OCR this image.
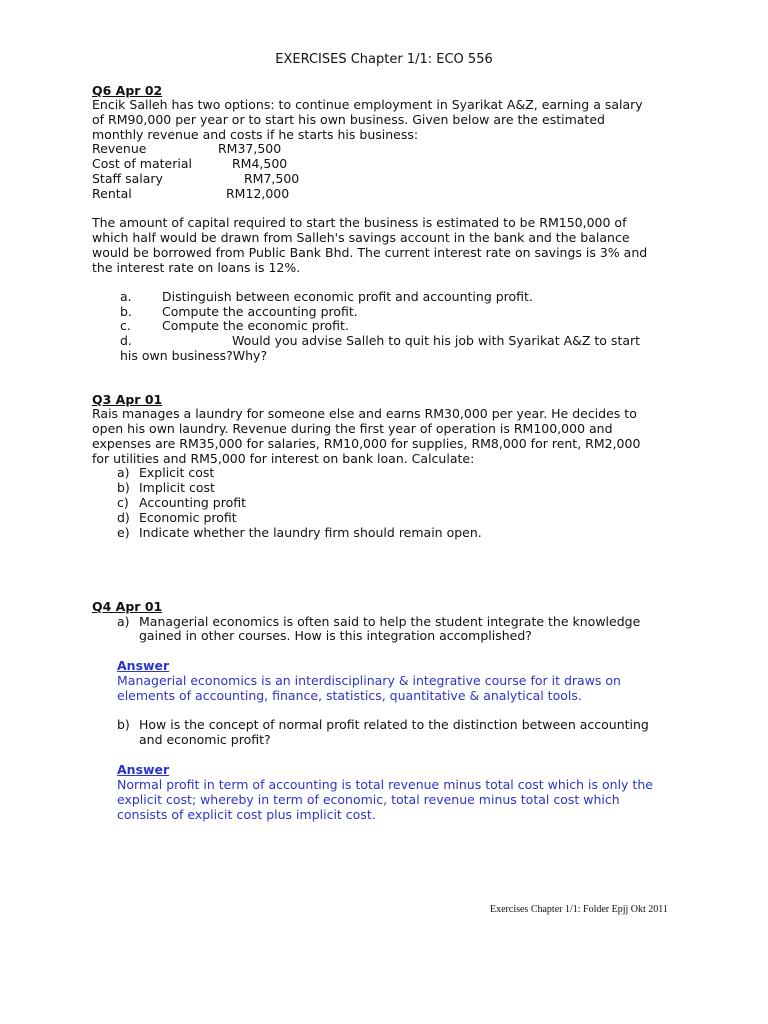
EXERCISES Chapter 1/1: ECO 556
Q6 Apr 02
Encik Salleh has two options: to continue employment in Syarikat A&Z, earning a salary
of RM90,000 per year or to start his own business. Given below are the estimated
monthly revenue and costs if he starts his business:
Revenue	RM37,500
Cost of material	RM4,500
Staff salary	RM7,500
Rental	RM12,000
The amount of capital required to start the business is estimated to be RM150,000 of
which half would be drawn from Salleh's savings account in the bank and the balance
would be borrowed from Public Bank Bhd. The current interest rate on savings is 3% and
the interest rate on loans is 12%.
a. Distinguish between economic profit and accounting profit.
b. Compute the accounting profit.
c. Compute the economic profit.
d.	Would you advise Salleh to quit his job with Syarikat A&Z to start
his own business?Why?
Q3 Apr 01
Rais manages a laundry for someone else and earns RM30,000 per year. He decides to
open his own laundry. Revenue during the first year of operation is RM100,000 and
expenses are RM35,000 for salaries, RM10,000 for supplies, RM8,000 for rent, RM2,000
for utilities and RM5,000 for interest on bank loan. Calculate:
a) Explicit cost
b) Implicit cost
c) Accounting profit
d) Economic profit
e) Indicate whether the laundry firm should remain open.
Q4 Apr 01
a) Managerial economics is often said to help the student integrate the knowledge
gained in other courses. How is this integration accomplished?
Answer
Managerial economics is an interdisciplinary & integrative course for it draws on
elements of accounting, finance, statistics, quantitative & analytical tools.
b) How is the concept of normal profit related to the distinction between accounting
and economic profit?
Answer
Normal profit in term of accounting is total revenue minus total cost which is only the
explicit cost; whereby in term of economic, total revenue minus total cost which
consists of explicit cost plus implicit cost.
Exercises Chapter 1/1: Folder Epjj Okt 2011
